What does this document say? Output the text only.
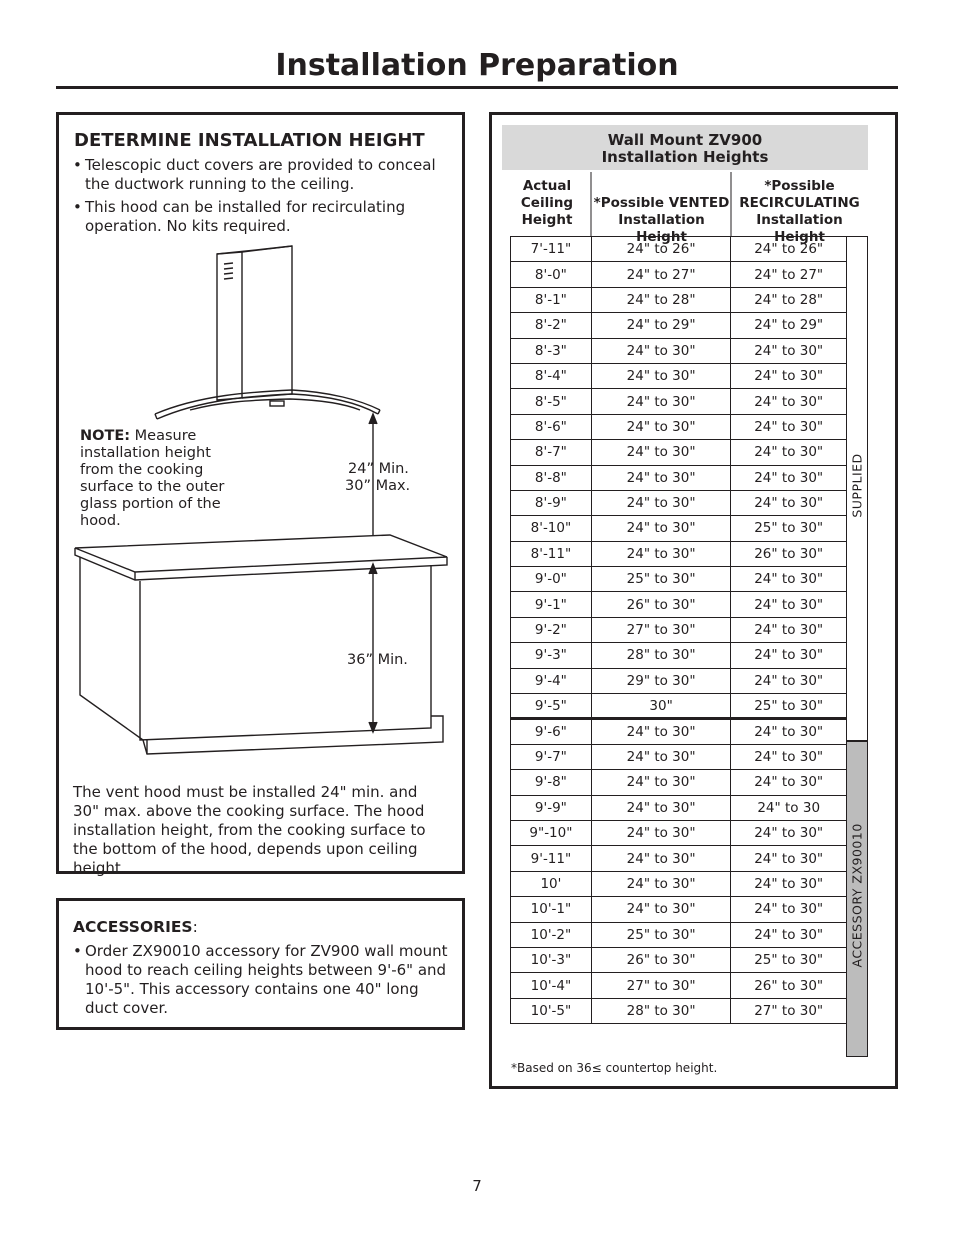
Installation Preparation
DETERMINE INSTALLATION HEIGHT
• Telescopic duct covers are provided to conceal the ductwork running to the ceiling.
• This hood can be installed for recirculating operation. No kits required.
NOTE: Measure installation height from the cooking surface to the outer glass portion of the hood.
24” Min.
30” Max.
36” Min.
The vent hood must be installed 24" min. and 30" max. above the cooking surface. The hood installation height, from the cooking surface to the bottom of the hood, depends upon ceiling height.
ACCESSORIES:
• Order ZX90010 accessory for ZV900 wall mount hood to reach ceiling heights between 9'-6" and 10'-5". This accessory contains one 40" long duct cover.
Wall Mount ZV900
Installation Heights
Actual
Ceiling
Height
*Possible VENTED
Installation Height
*Possible
RECIRCULATING
Installation Height
7'-11"	24" to 26"	24" to 26"
8'-0"	24" to 27"	24" to 27"
8'-1"	24" to 28"	24" to 28"
8'-2"	24" to 29"	24" to 29"
8'-3"	24" to 30"	24" to 30"
8'-4"	24" to 30"	24" to 30"
8'-5"	24" to 30"	24" to 30"
8'-6"	24" to 30"	24" to 30"
8'-7"	24" to 30"	24" to 30"
8'-8"	24" to 30"	24" to 30"
8'-9"	24" to 30"	24" to 30"
8'-10"	24" to 30"	25" to 30"
8'-11"	24" to 30"	26" to 30"
9'-0"	25" to 30"	24" to 30"
9'-1"	26" to 30"	24" to 30"
9'-2"	27" to 30"	24" to 30"
9'-3"	28" to 30"	24" to 30"
9'-4"	29" to 30"	24" to 30"
9'-5"	30"	25" to 30"
9'-6"	24" to 30"	24" to 30"
9'-7"	24" to 30"	24" to 30"
9'-8"	24" to 30"	24" to 30"
9'-9"	24" to 30"	24" to 30
9"-10"	24" to 30"	24" to 30"
9'-11"	24" to 30"	24" to 30"
10'	24" to 30"	24" to 30"
10'-1"	24" to 30"	24" to 30"
10'-2"	25" to 30"	24" to 30"
10'-3"	26" to 30"	25" to 30"
10'-4"	27" to 30"	26" to 30"
10'-5"	28" to 30"	27" to 30"
SUPPLIED
ACCESSORY ZX90010
*Based on 36≤ countertop height.
7
